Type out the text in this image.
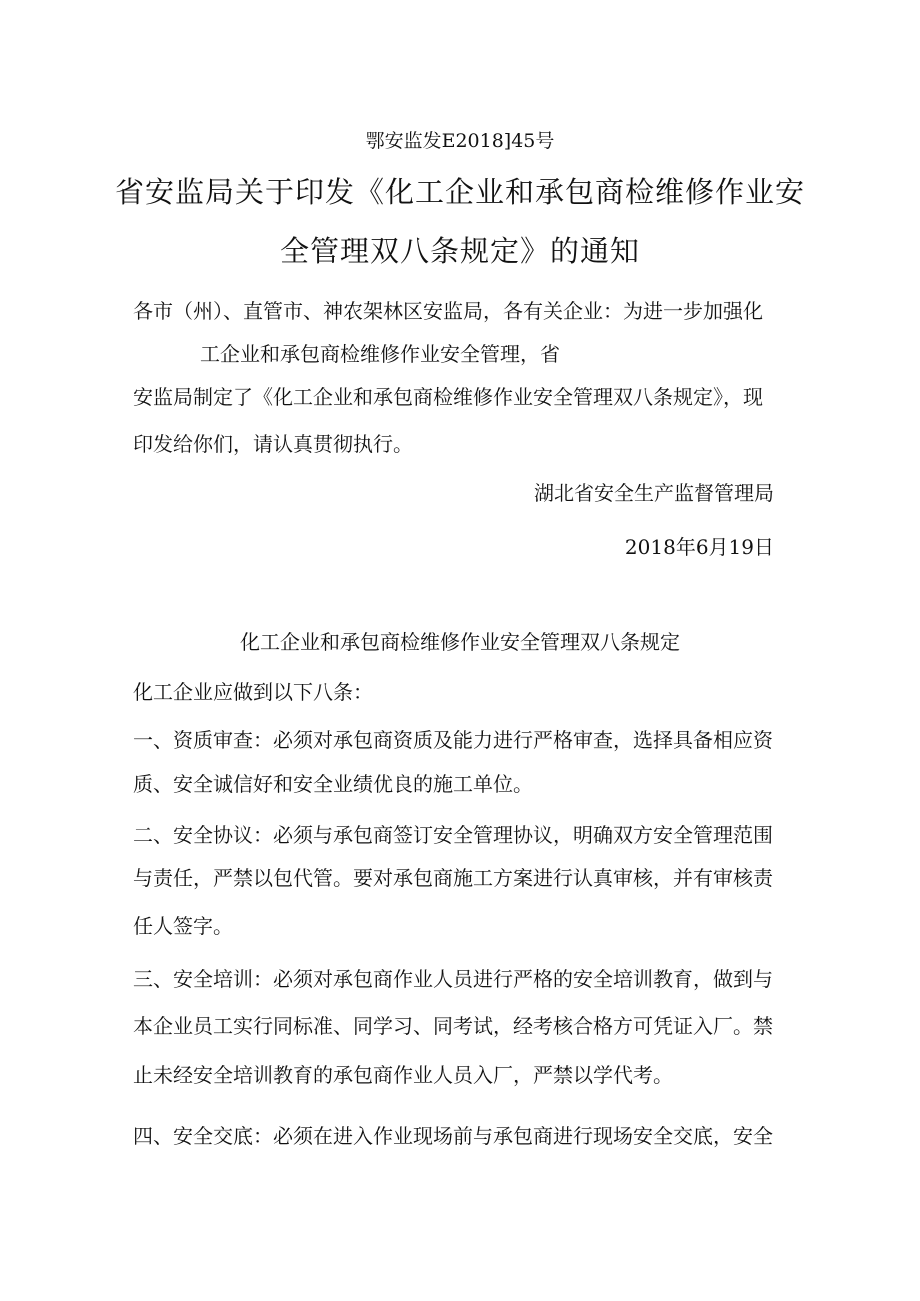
鄂安监发E2018]45号
省安监局关于印发《化工企业和承包商检维修作业安
全管理双八条规定》的通知
各市（州）、直管市、神农架林区安监局，各有关企业：为进一步加强化
工企业和承包商检维修作业安全管理，省
安监局制定了《化工企业和承包商检维修作业安全管理双八条规定》，现
印发给你们，请认真贯彻执行。
湖北省安全生产监督管理局
2018年6月19日
化工企业和承包商检维修作业安全管理双八条规定
化工企业应做到以下八条：
一、资质审查：必须对承包商资质及能力进行严格审查，选择具备相应资
质、安全诚信好和安全业绩优良的施工单位。
二、安全协议：必须与承包商签订安全管理协议，明确双方安全管理范围
与责任，严禁以包代管。要对承包商施工方案进行认真审核，并有审核责
任人签字。
三、安全培训：必须对承包商作业人员进行严格的安全培训教育，做到与
本企业员工实行同标准、同学习、同考试，经考核合格方可凭证入厂。禁
止未经安全培训教育的承包商作业人员入厂，严禁以学代考。
四、安全交底：必须在进入作业现场前与承包商进行现场安全交底，安全
